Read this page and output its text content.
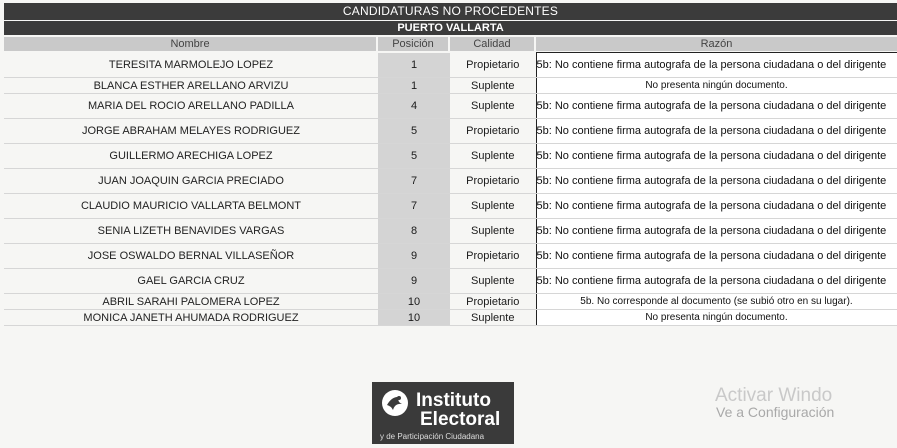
CANDIDATURAS NO PROCEDENTES
PUERTO VALLARTA
Nombre	Posición	Calidad	Razón
TERESITA MARMOLEJO LOPEZ	1	Propietario	5b: No contiene firma autografa de la persona ciudadana o del dirigente
BLANCA ESTHER ARELLANO ARVIZU	1	Suplente	No presenta ningún documento.
MARIA DEL ROCIO ARELLANO PADILLA	4	Suplente	5b: No contiene firma autografa de la persona ciudadana o del dirigente
JORGE ABRAHAM MELAYES RODRIGUEZ	5	Propietario	5b: No contiene firma autografa de la persona ciudadana o del dirigente
GUILLERMO ARECHIGA LOPEZ	5	Suplente	5b: No contiene firma autografa de la persona ciudadana o del dirigente
JUAN JOAQUIN GARCIA PRECIADO	7	Propietario	5b: No contiene firma autografa de la persona ciudadana o del dirigente
CLAUDIO MAURICIO VALLARTA BELMONT	7	Suplente	5b: No contiene firma autografa de la persona ciudadana o del dirigente
SENIA LIZETH BENAVIDES VARGAS	8	Suplente	5b: No contiene firma autografa de la persona ciudadana o del dirigente
JOSE OSWALDO BERNAL VILLASEÑOR	9	Propietario	5b: No contiene firma autografa de la persona ciudadana o del dirigente
GAEL GARCIA CRUZ	9	Suplente	5b: No contiene firma autografa de la persona ciudadana o del dirigente
ABRIL SARAHI PALOMERA LOPEZ	10	Propietario	5b. No corresponde al documento (se subió otro en su lugar).
MONICA JANETH AHUMADA RODRIGUEZ	10	Suplente	No presenta ningún documento.
Instituto
Electoral
y de Participación Ciudadana
Activar Windo
Ve a Configuración
